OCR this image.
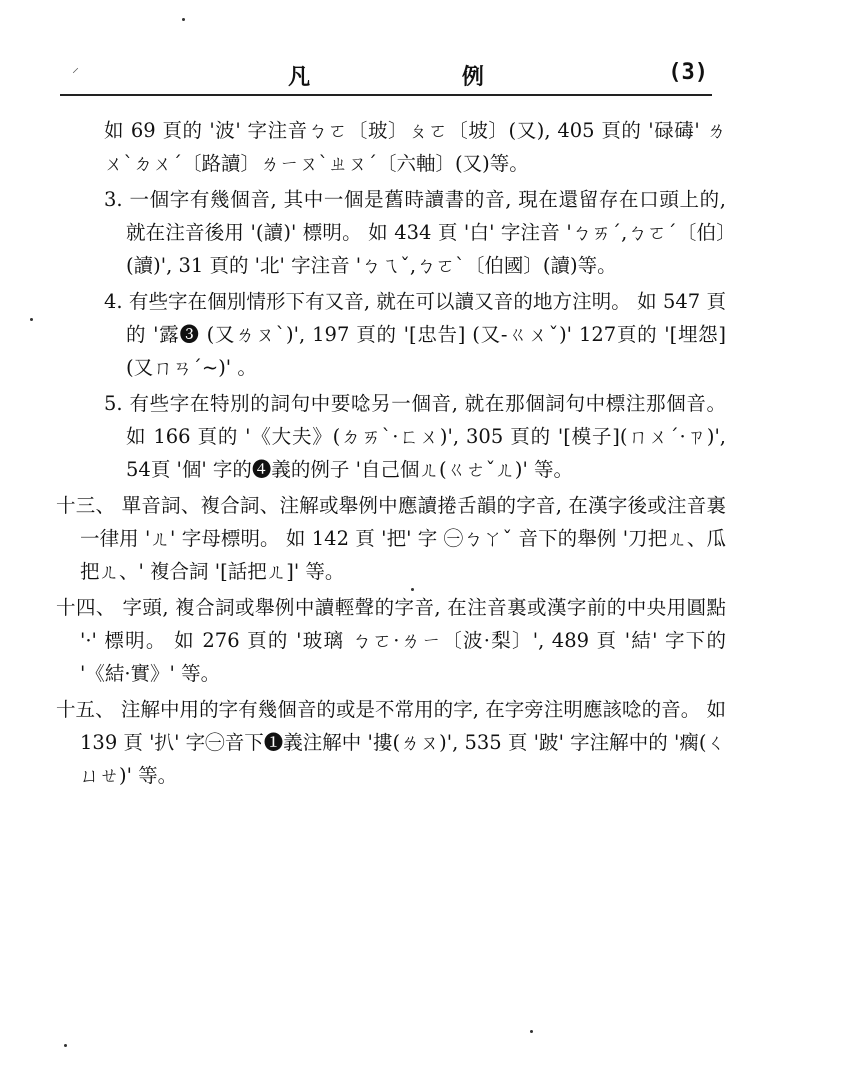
⸝	凡 例	(3)

如 69 頁的 '波' 字注音ㄅㄛ〔玻〕ㄆㄛ〔坡〕(又), 405 頁的 '碌碡' ㄌㄨˋㄉㄨˊ〔路讀〕ㄌㄧㄡˋㄓㄡˊ〔六軸〕(又)等。

3. 一個字有幾個音, 其中一個是舊時讀書的音, 現在還留存在口頭上的, 就在注音後用 '(讀)' 標明。 如 434 頁 '白' 字注音 'ㄅㄞˊ,ㄅㄛˊ〔伯〕(讀)', 31 頁的 '北' 字注音 'ㄅㄟˇ,ㄅㄛˋ〔伯國〕(讀)等。

4. 有些字在個別情形下有又音, 就在可以讀又音的地方注明。 如 547 頁的 '露❸ (又ㄌㄡˋ)', 197 頁的 '[忠告] (又-ㄍㄨˇ)' 127頁的 '[埋怨](又ㄇㄢˊ~)' 。

5. 有些字在特別的詞句中要唸另一個音, 就在那個詞句中標注那個音。 如 166 頁的 '《大夫》(ㄉㄞˋ·ㄈㄨ)', 305 頁的 '[模子](ㄇㄨˊ·ㄗ)', 54頁 '個' 字的❹義的例子 '自己個ㄦ(ㄍㄜˇㄦ)' 等。

十三、 單音詞、複合詞、注解或舉例中應讀捲舌韻的字音, 在漢字後或注音裏一律用 'ㄦ' 字母標明。 如 142 頁 '把' 字 ㊀ㄅㄚˇ 音下的舉例 '刀把ㄦ、瓜把ㄦ、' 複合詞 '[話把ㄦ]' 等。

十四、 字頭, 複合詞或舉例中讀輕聲的字音, 在注音裏或漢字前的中央用圓點 '·' 標明。 如 276 頁的 '玻璃 ㄅㄛ·ㄌㄧ〔波·梨〕', 489 頁 '結' 字下的 '《結·實》' 等。

十五、 注解中用的字有幾個音的或是不常用的字, 在字旁注明應該唸的音。 如 139 頁 '扒' 字㊀音下❶義注解中 '摟(ㄌㄡ)', 535 頁 '跛' 字注解中的 '瘸(ㄑㄩㄝ)' 等。
